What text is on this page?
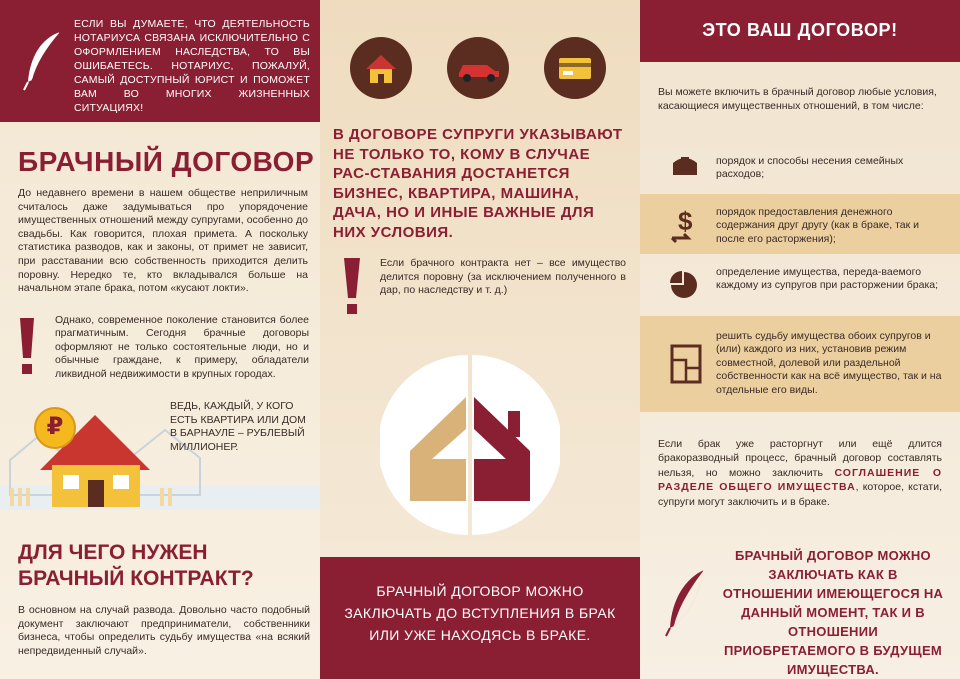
ЕСЛИ ВЫ ДУМАЕТЕ, ЧТО ДЕЯТЕЛЬНОСТЬ НОТАРИУСА СВЯЗАНА ИСКЛЮЧИТЕЛЬНО С ОФОРМЛЕНИЕМ НАСЛЕДСТВА, ТО ВЫ ОШИБАЕТЕСЬ. НОТАРИУС, ПОЖАЛУЙ, САМЫЙ ДОСТУПНЫЙ ЮРИСТ И ПОМОЖЕТ ВАМ ВО МНОГИХ ЖИЗНЕННЫХ СИТУАЦИЯХ!
БРАЧНЫЙ ДОГОВОР
До недавнего времени в нашем обществе неприличным считалось даже задумываться про упорядочение имущественных отношений между супругами, особенно до свадьбы. Как говорится, плохая примета. А поскольку статистика разводов, как и законы, от примет не зависит, при расставании всю собственность приходится делить поровну. Нередко те, кто вкладывался больше на начальном этапе брака, потом «кусают локти».
Однако, современное поколение становится более прагматичным. Сегодня брачные договоры оформляют не только состоятельные люди, но и обычные граждане, к примеру, обладатели ликвидной недвижимости в крупных городах.
₽
ВЕДЬ, КАЖДЫЙ, У КОГО ЕСТЬ КВАРТИРА ИЛИ ДОМ В БАРНАУЛЕ – РУБЛЕВЫЙ МИЛЛИОНЕР.
ДЛЯ ЧЕГО НУЖЕН БРАЧНЫЙ КОНТРАКТ?
В основном на случай развода. Довольно часто подобный документ заключают предприниматели, собственники бизнеса, чтобы определить судьбу имущества «на всякий непредвиденный случай».
В ДОГОВОРЕ СУПРУГИ УКАЗЫВАЮТ НЕ ТОЛЬКО ТО, КОМУ В СЛУЧАЕ РАС-СТАВАНИЯ ДОСТАНЕТСЯ БИЗНЕС, КВАРТИРА, МАШИНА, ДАЧА, НО И ИНЫЕ ВАЖНЫЕ ДЛЯ НИХ УСЛОВИЯ.
Если брачного контракта нет – все имущество делится поровну (за исключением полученного в дар, по наследству и т. д.)
БРАЧНЫЙ ДОГОВОР МОЖНО ЗАКЛЮЧАТЬ ДО ВСТУПЛЕНИЯ В БРАК ИЛИ УЖЕ НАХОДЯСЬ В БРАКЕ.
ЭТО ВАШ ДОГОВОР!
Вы можете включить в брачный договор любые условия, касающиеся имущественных отношений, в том числе:
порядок и способы несения семейных расходов;
$ порядок предоставления денежного содержания друг другу (как в браке, так и после его расторжения);
определение имущества, переда-ваемого каждому из супругов при расторжении брака;
решить судьбу имущества обоих супругов и (или) каждого из них, установив режим совместной, долевой или раздельной собственности как на всё имущество, так и на отдельные его виды.
Если брак уже расторгнут или ещё длится бракоразводный процесс, брачный договор составлять нельзя, но можно заключить СОГЛАШЕНИЕ О РАЗДЕЛЕ ОБЩЕГО ИМУЩЕСТВА, которое, кстати, супруги могут заключить и в браке.
БРАЧНЫЙ ДОГОВОР МОЖНО ЗАКЛЮЧАТЬ КАК В ОТНОШЕНИИ ИМЕЮЩЕГОСЯ НА ДАННЫЙ МОМЕНТ, ТАК И В ОТНОШЕНИИ ПРИОБРЕТАЕМОГО В БУДУЩЕМ ИМУЩЕСТВА.
